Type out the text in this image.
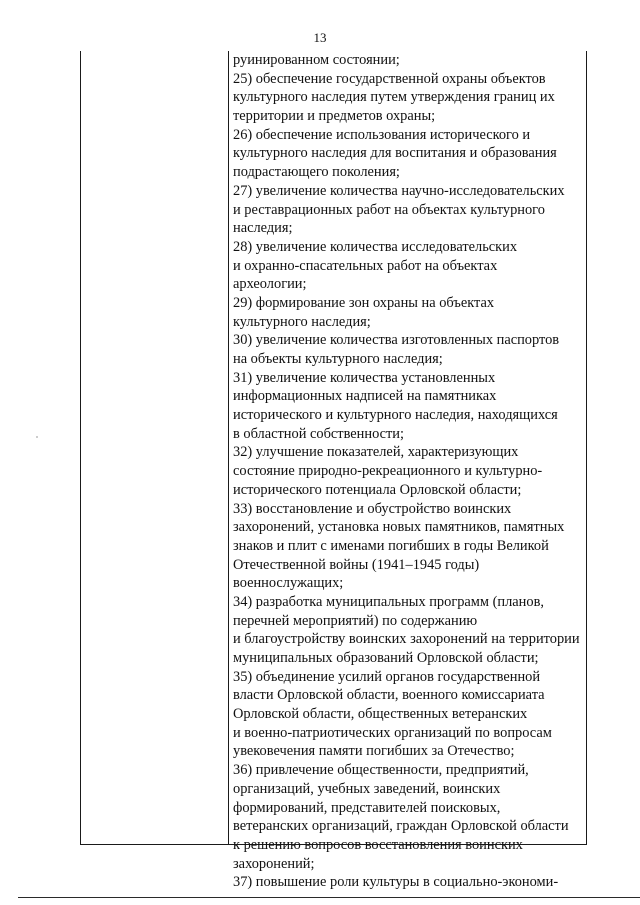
13
руинированном состоянии;
25) обеспечение государственной охраны объектов
культурного наследия путем утверждения границ их
территории и предметов охраны;
26) обеспечение использования исторического и
культурного наследия для воспитания и образования
подрастающего поколения;
27) увеличение количества научно-исследовательских
и реставрационных работ на объектах культурного
наследия;
28) увеличение количества исследовательских
и охранно-спасательных работ на объектах
археологии;
29) формирование зон охраны на объектах
культурного наследия;
30) увеличение количества изготовленных паспортов
на объекты культурного наследия;
31) увеличение количества установленных
информационных надписей на памятниках
исторического и культурного наследия, находящихся
в областной собственности;
32) улучшение показателей, характеризующих
состояние природно-рекреационного и культурно-
исторического потенциала Орловской области;
33) восстановление и обустройство воинских
захоронений, установка новых памятников, памятных
знаков и плит с именами погибших в годы Великой
Отечественной войны (1941–1945 годы)
военнослужащих;
34) разработка муниципальных программ (планов,
перечней мероприятий) по содержанию
и благоустройству воинских захоронений на территории
муниципальных образований Орловской области;
35) объединение усилий органов государственной
власти Орловской области, военного комиссариата
Орловской области, общественных ветеранских
и военно-патриотических организаций по вопросам
увековечения памяти погибших за Отечество;
36) привлечение общественности, предприятий,
организаций, учебных заведений, воинских
формирований, представителей поисковых,
ветеранских организаций, граждан Орловской области
к решению вопросов восстановления воинских
захоронений;
37) повышение роли культуры в социально-экономи-
